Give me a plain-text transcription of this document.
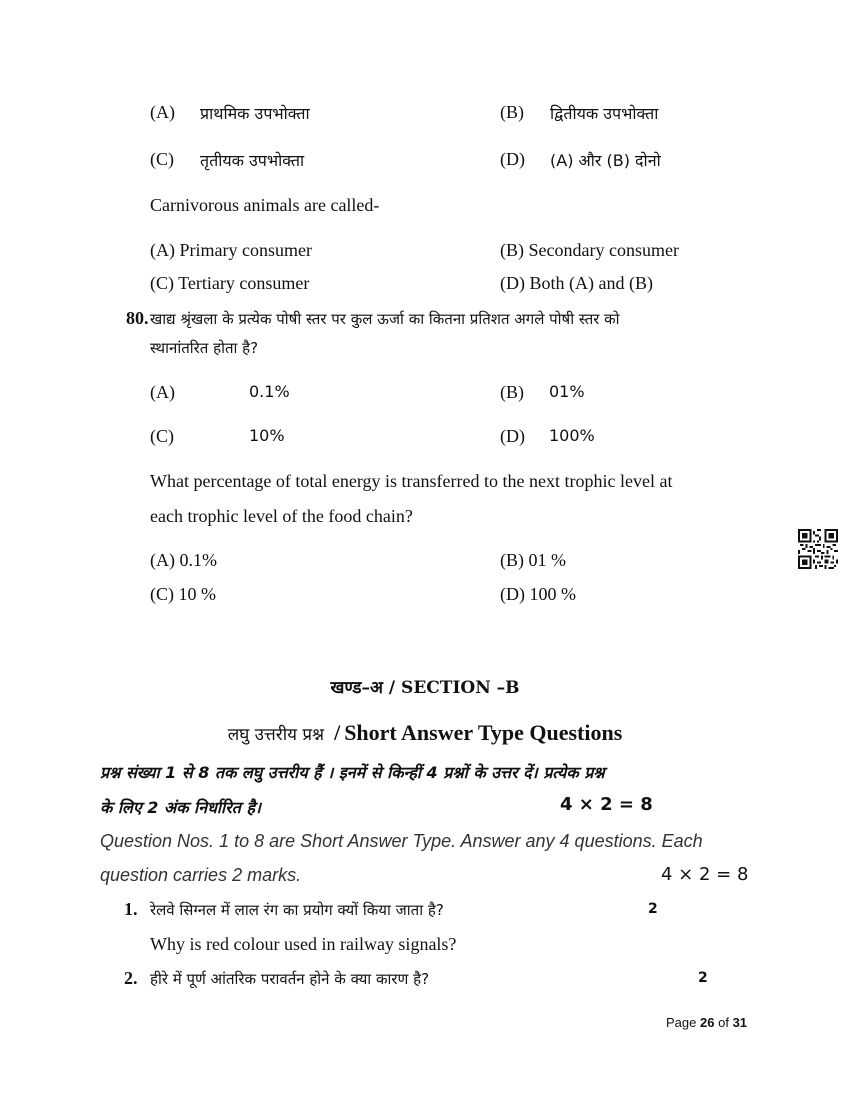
(A) प्राथमिक उपभोक्ता	(B) द्वितीयक उपभोक्ता
(C) तृतीयक उपभोक्ता	(D) (A) और (B) दोनो
Carnivorous animals are called-
(A) Primary consumer	(B) Secondary consumer
(C) Tertiary consumer	(D) Both (A) and (B)
80. खाद्य श्रृंखला के प्रत्येक पोषी स्तर पर कुल ऊर्जा का कितना प्रतिशत अगले पोषी स्तर को
स्थानांतरित होता है?
(A)	0.1%	(B) 01%
(C)	10%	(D) 100%
What percentage of total energy is transferred to the next trophic level at
each trophic level of the food chain?
(A) 0.1%	(B) 01 %
(C) 10 %	(D) 100 %
खण्ड–अ / SECTION –B
लघु उत्तरीय प्रश्न / Short Answer Type Questions
प्रश्न संख्या 1 से 8 तक लघु उत्तरीय हैं । इनमें से किन्हीं 4 प्रश्नों के उत्तर दें। प्रत्येक प्रश्न
के लिए 2 अंक निर्धारित है।	4 × 2 = 8
Question Nos. 1 to 8 are Short Answer Type. Answer any 4 questions. Each
question carries 2 marks.	4 × 2 = 8
1. रेलवे सिग्नल में लाल रंग का प्रयोग क्यों किया जाता है?	2
Why is red colour used in railway signals?
2. हीरे में पूर्ण आंतरिक परावर्तन होने के क्या कारण है?	2
Page 26 of 31
